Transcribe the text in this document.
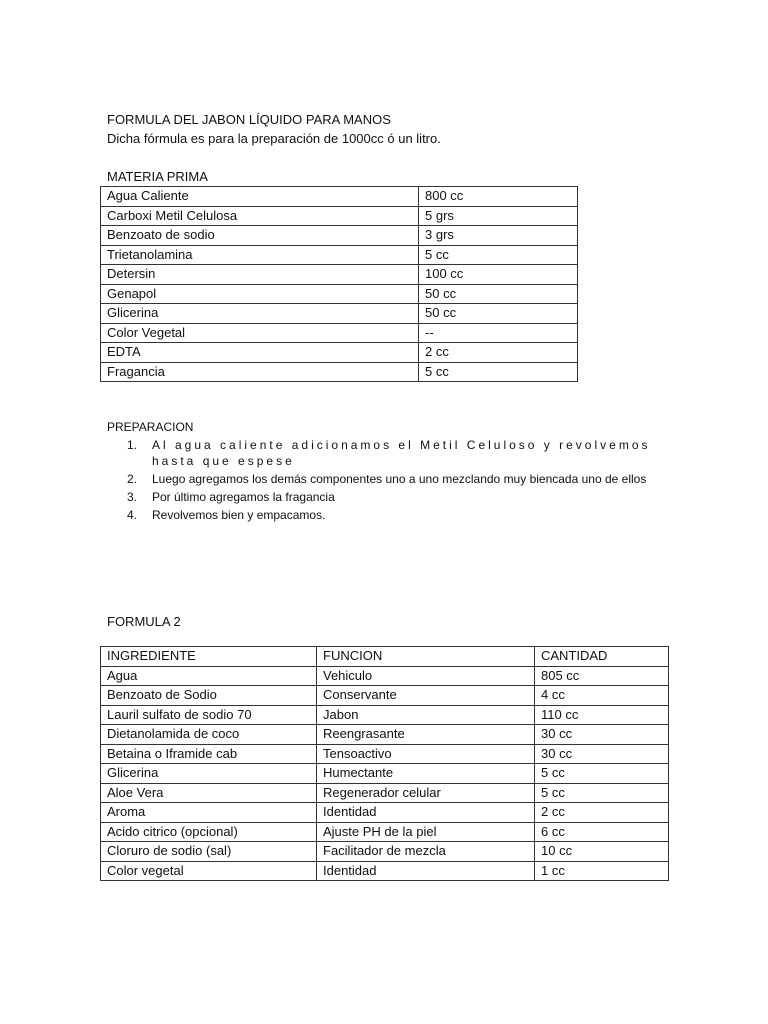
FORMULA DEL JABON LÍQUIDO PARA MANOS
Dicha fórmula es para la preparación de 1000cc ó un litro.
MATERIA PRIMA
Agua Caliente	800 cc
Carboxi Metil Celulosa	5 grs
Benzoato de sodio	3 grs
Trietanolamina	5 cc
Detersin	100 cc
Genapol	50 cc
Glicerina	50 cc
Color Vegetal	--
EDTA	2 cc
Fragancia	5 cc
PREPARACION
1. Al agua caliente adicionamos el Metil Celuloso y revolvemos hasta que espese
2. Luego agregamos los demás componentes uno a uno mezclando muy biencada uno de ellos
3. Por último agregamos la fragancia
4. Revolvemos bien y empacamos.
FORMULA 2
INGREDIENTE	FUNCION	CANTIDAD
Agua	Vehiculo	805 cc
Benzoato de Sodio	Conservante	4 cc
Lauril sulfato de sodio 70	Jabon	110 cc
Dietanolamida de coco	Reengrasante	30 cc
Betaina o Iframide cab	Tensoactivo	30 cc
Glicerina	Humectante	5 cc
Aloe Vera	Regenerador celular	5 cc
Aroma	Identidad	2 cc
Acido citrico (opcional)	Ajuste PH de la piel	6 cc
Cloruro de sodio (sal)	Facilitador de mezcla	10 cc
Color vegetal	Identidad	1 cc
